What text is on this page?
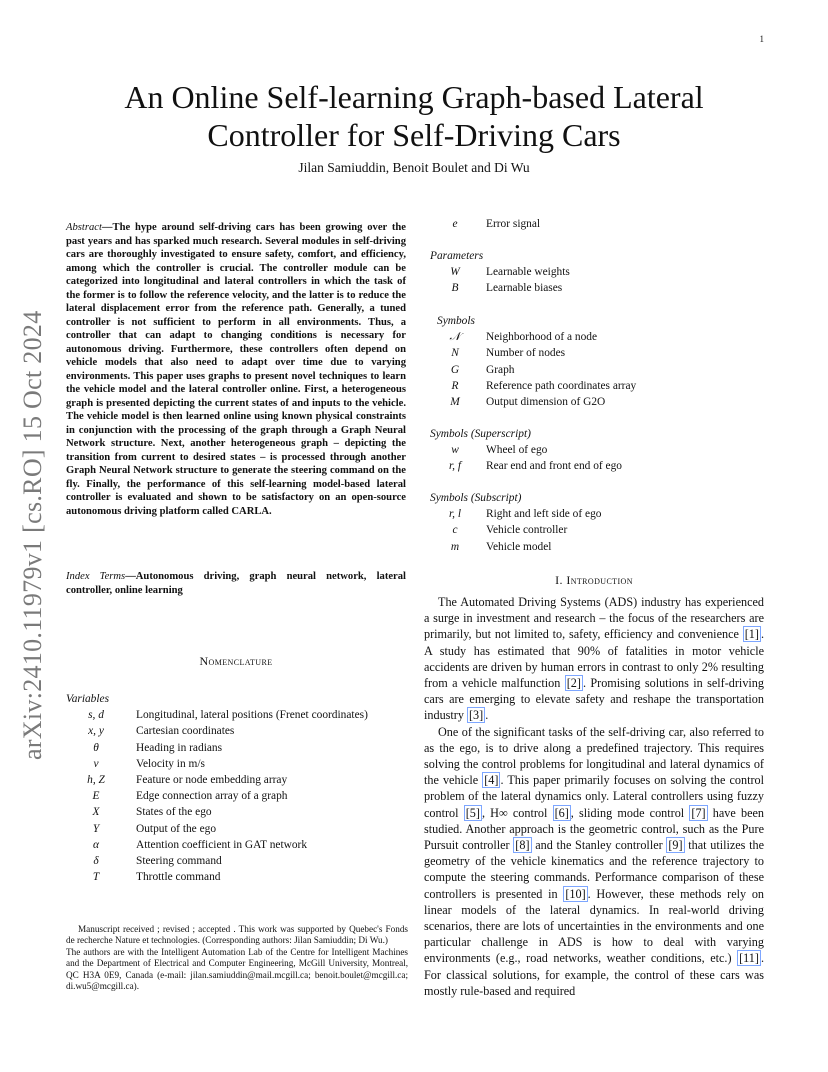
1
arXiv:2410.11979v1 [cs.RO] 15 Oct 2024
An Online Self-learning Graph-based Lateral
Controller for Self-Driving Cars
Jilan Samiuddin, Benoit Boulet and Di Wu
Abstract—The hype around self-driving cars has been growing over the past years and has sparked much research. Several modules in self-driving cars are thoroughly investigated to ensure safety, comfort, and efficiency, among which the controller is crucial. The controller module can be categorized into longitudinal and lateral controllers in which the task of the former is to follow the reference velocity, and the latter is to reduce the lateral displacement error from the reference path. Generally, a tuned controller is not sufficient to perform in all environments. Thus, a controller that can adapt to changing conditions is necessary for autonomous driving. Furthermore, these controllers often depend on vehicle models that also need to adapt over time due to varying environments. This paper uses graphs to present novel techniques to learn the vehicle model and the lateral controller online. First, a heterogeneous graph is presented depicting the current states of and inputs to the vehicle. The vehicle model is then learned online using known physical constraints in conjunction with the processing of the graph through a Graph Neural Network structure. Next, another heterogeneous graph – depicting the transition from current to desired states – is processed through another Graph Neural Network structure to generate the steering command on the fly. Finally, the performance of this self-learning model-based lateral controller is evaluated and shown to be satisfactory on an open-source autonomous driving platform called CARLA.
Index Terms—Autonomous driving, graph neural network, lateral controller, online learning
Nomenclature
Variables
s, d	Longitudinal, lateral positions (Frenet coordinates)
x, y	Cartesian coordinates
θ	Heading in radians
v	Velocity in m/s
h, Z	Feature or node embedding array
E	Edge connection array of a graph
X	States of the ego
Y	Output of the ego
α	Attention coefficient in GAT network
δ	Steering command
T	Throttle command

Manuscript received ; revised ; accepted . This work was supported by Quebec's Fonds de recherche Nature et technologies. (Corresponding authors: Jilan Samiuddin; Di Wu.)

The authors are with the Intelligent Automation Lab of the Centre for Intelligent Machines and the Department of Electrical and Computer Engineering, McGill University, Montreal, QC H3A 0E9, Canada (e-mail: jilan.samiuddin@mail.mcgill.ca; benoit.boulet@mcgill.ca; di.wu5@mcgill.ca).

e	Error signal
Parameters
W	Learnable weights
B	Learnable biases
Symbols
𝒩	Neighborhood of a node
N	Number of nodes
G	Graph
R	Reference path coordinates array
M	Output dimension of G2O
Symbols (Superscript)
w	Wheel of ego
r, f	Rear end and front end of ego
Symbols (Subscript)
r, l	Right and left side of ego
c	Vehicle controller
m	Vehicle model
I. Introduction

The Automated Driving Systems (ADS) industry has experienced a surge in investment and research – the focus of the researchers are primarily, but not limited to, safety, efficiency and convenience [1] . A study has estimated that 90% of fatalities in motor vehicle accidents are driven by human errors in contrast to only 2% resulting from a vehicle malfunction [2] . Promising solutions in self-driving cars are emerging to elevate safety and reshape the transportation industry [3] .

One of the significant tasks of the self-driving car, also referred to as the ego, is to drive along a predefined trajectory. This requires solving the control problems for longitudinal and lateral dynamics of the vehicle [4] . This paper primarily focuses on solving the control problem of the lateral dynamics only. Lateral controllers using fuzzy control [5] , H∞ control [6] , sliding mode control [7] have been studied. Another approach is the geometric control, such as the Pure Pursuit controller [8] and the Stanley controller [9] that utilizes the geometry of the vehicle kinematics and the reference trajectory to compute the steering commands. Performance comparison of these controllers is presented in [10] . However, these methods rely on linear models of the lateral dynamics. In real-world driving scenarios, there are lots of uncertainties in the environments and one particular challenge in ADS is how to deal with varying environments (e.g., road networks, weather conditions, etc.) [11] . For classical solutions, for example, the control of these cars was mostly rule-based and required
